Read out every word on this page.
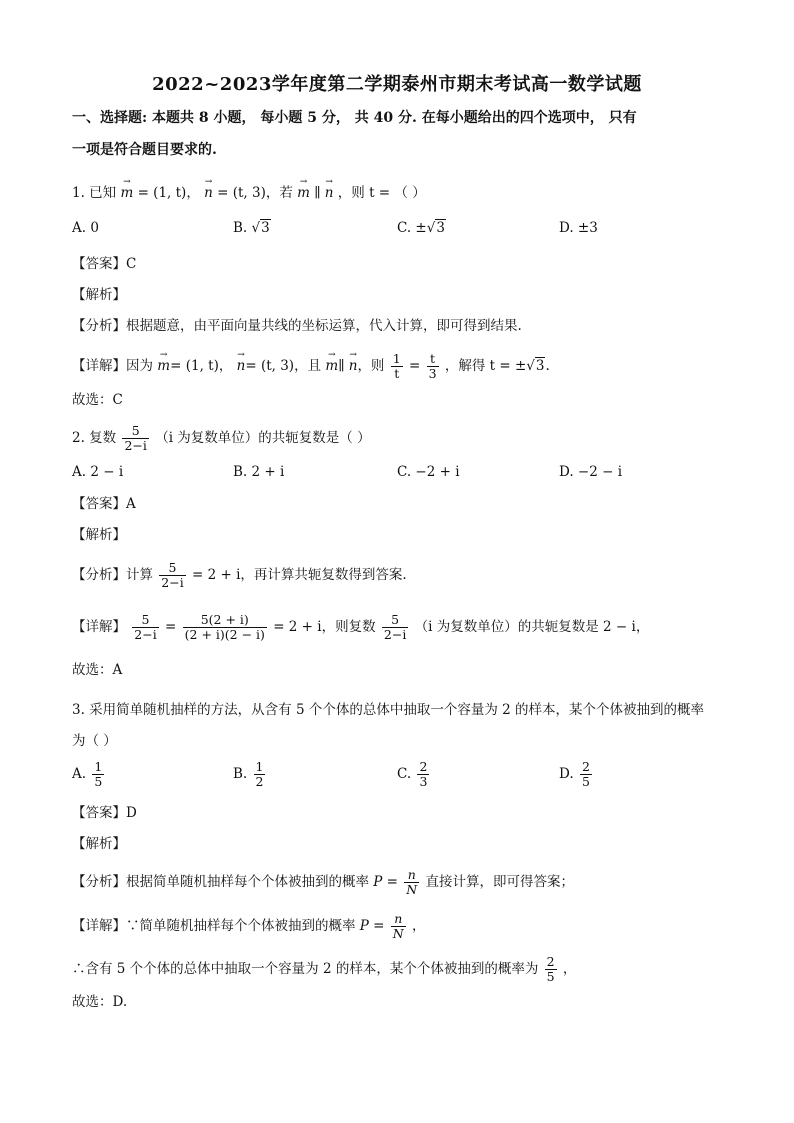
2022~2023学年度第二学期泰州市期末考试高一数学试题
一、选择题: 本题共 8 小题， 每小题 5 分， 共 40 分. 在每小题给出的四个选项中， 只有
一项是符合题目要求的.
1. 已知
→
m = (1, t)，
→
n = (t, 3)，若
→
m ∥
→
n ，则 t = （ ）
A. 0	B. √3	C. ±√3	D. ±3
【答案】C
【解析】
【分析】根据题意，由平面向量共线的坐标运算，代入计算，即可得到结果.
【详解】因为
→
m= (1, t)，
→
n= (t, 3)，且
→
m∥
→
n，则 $\frac{1}{t} = \frac{t}{3}$ ，解得 t = ±√3.
故选：C
2. 复数 $\frac{5}{2-i} (i$ 为复数单位）的共轭复数是（ ）
A. 2 − i	B. 2 + i	C. −2 + i	D. −2 − i
【答案】A
【解析】
【分析】计算 $\frac{5}{2-i} = 2 + i$，再计算共轭复数得到答案.
【详解】 $\frac{5}{2-i} = \frac{5(2 + i)}{(2 + i)(2 - i)} = 2 + i$，则复数 $\frac{5}{2-i} (i$ 为复数单位）的共轭复数是 2 − i，
故选：A
3. 采用简单随机抽样的方法，从含有 5 个个体的总体中抽取一个容量为 2 的样本，某个个体被抽到的概率
为（ ）
A. $\frac{1}{5}$	B. $\frac{1}{2}$	C. $\frac{2}{3}$	D. $\frac{2}{5}$
【答案】D
【解析】
【分析】根据简单随机抽样每个个体被抽到的概率 $P = \frac{n}{N}$ 直接计算，即可得答案；
【详解】∵简单随机抽样每个个体被抽到的概率 $P = \frac{n}{N}$ ，
∴含有 5 个个体的总体中抽取一个容量为 2 的样本，某个个体被抽到的概率为 $\frac{2}{5}$ ，
故选：D.
